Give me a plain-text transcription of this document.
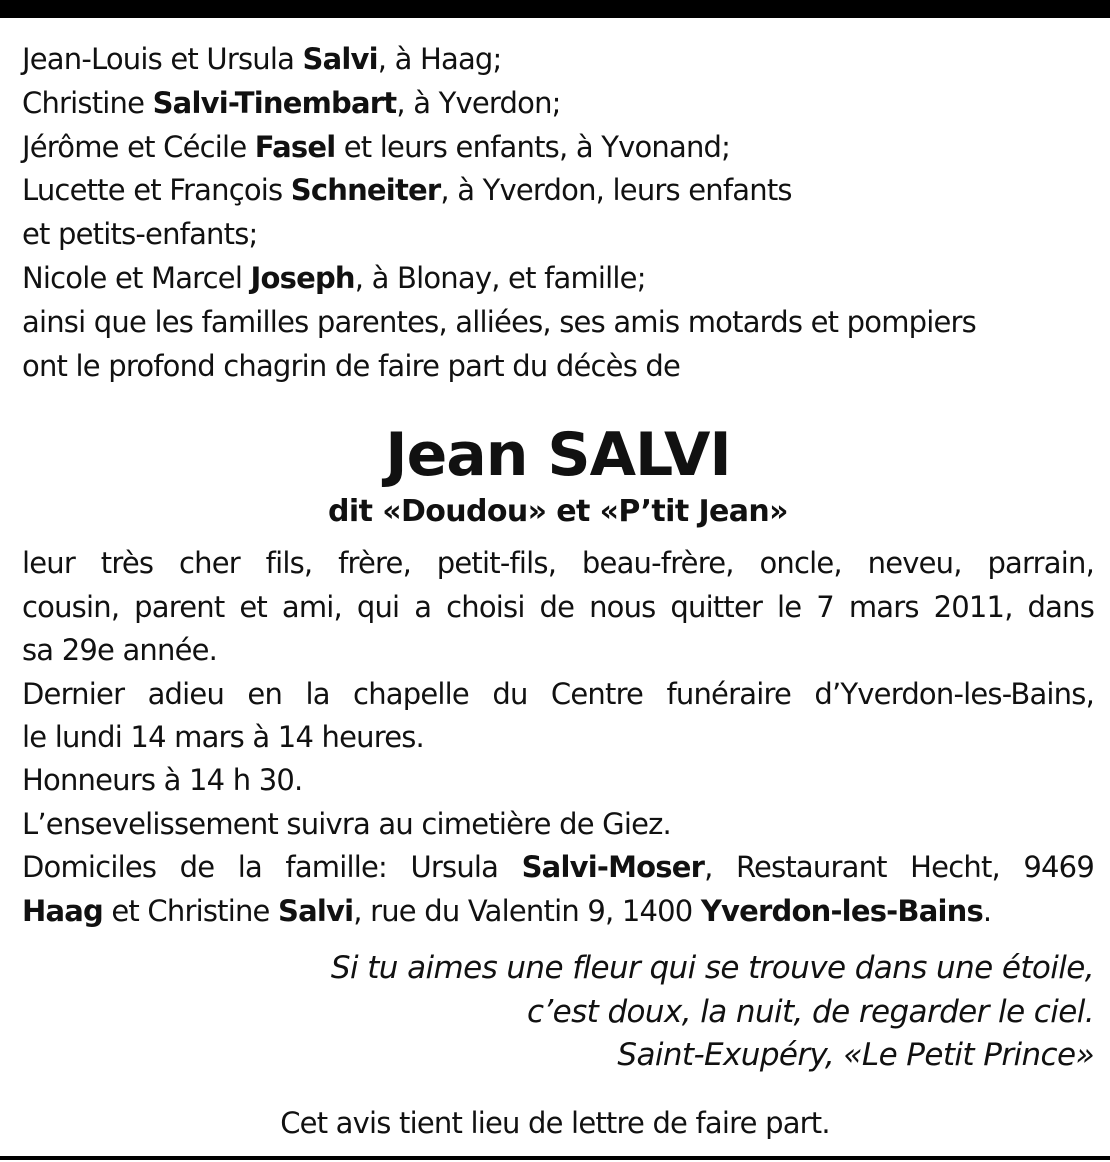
Jean-Louis et Ursula Salvi, à Haag;
Christine Salvi-Tinembart, à Yverdon;
Jérôme et Cécile Fasel et leurs enfants, à Yvonand;
Lucette et François Schneiter, à Yverdon, leurs enfants
et petits-enfants;
Nicole et Marcel Joseph, à Blonay, et famille;
ainsi que les familles parentes, alliées, ses amis motards et pompiers
ont le profond chagrin de faire part du décès de
Jean SALVI
dit «Doudou» et «P’tit Jean»
leur très cher fils, frère, petit-fils, beau-frère, oncle, neveu, parrain,
cousin, parent et ami, qui a choisi de nous quitter le 7 mars 2011, dans
sa 29e année.
Dernier adieu en la chapelle du Centre funéraire d’Yverdon-les-Bains,
le lundi 14 mars à 14 heures.
Honneurs à 14 h 30.
L’ensevelissement suivra au cimetière de Giez.
Domiciles de la famille: Ursula Salvi-Moser, Restaurant Hecht, 9469
Haag et Christine Salvi, rue du Valentin 9, 1400 Yverdon-les-Bains.
Si tu aimes une fleur qui se trouve dans une étoile,
c’est doux, la nuit, de regarder le ciel.
Saint-Exupéry, «Le Petit Prince»
Cet avis tient lieu de lettre de faire part.
